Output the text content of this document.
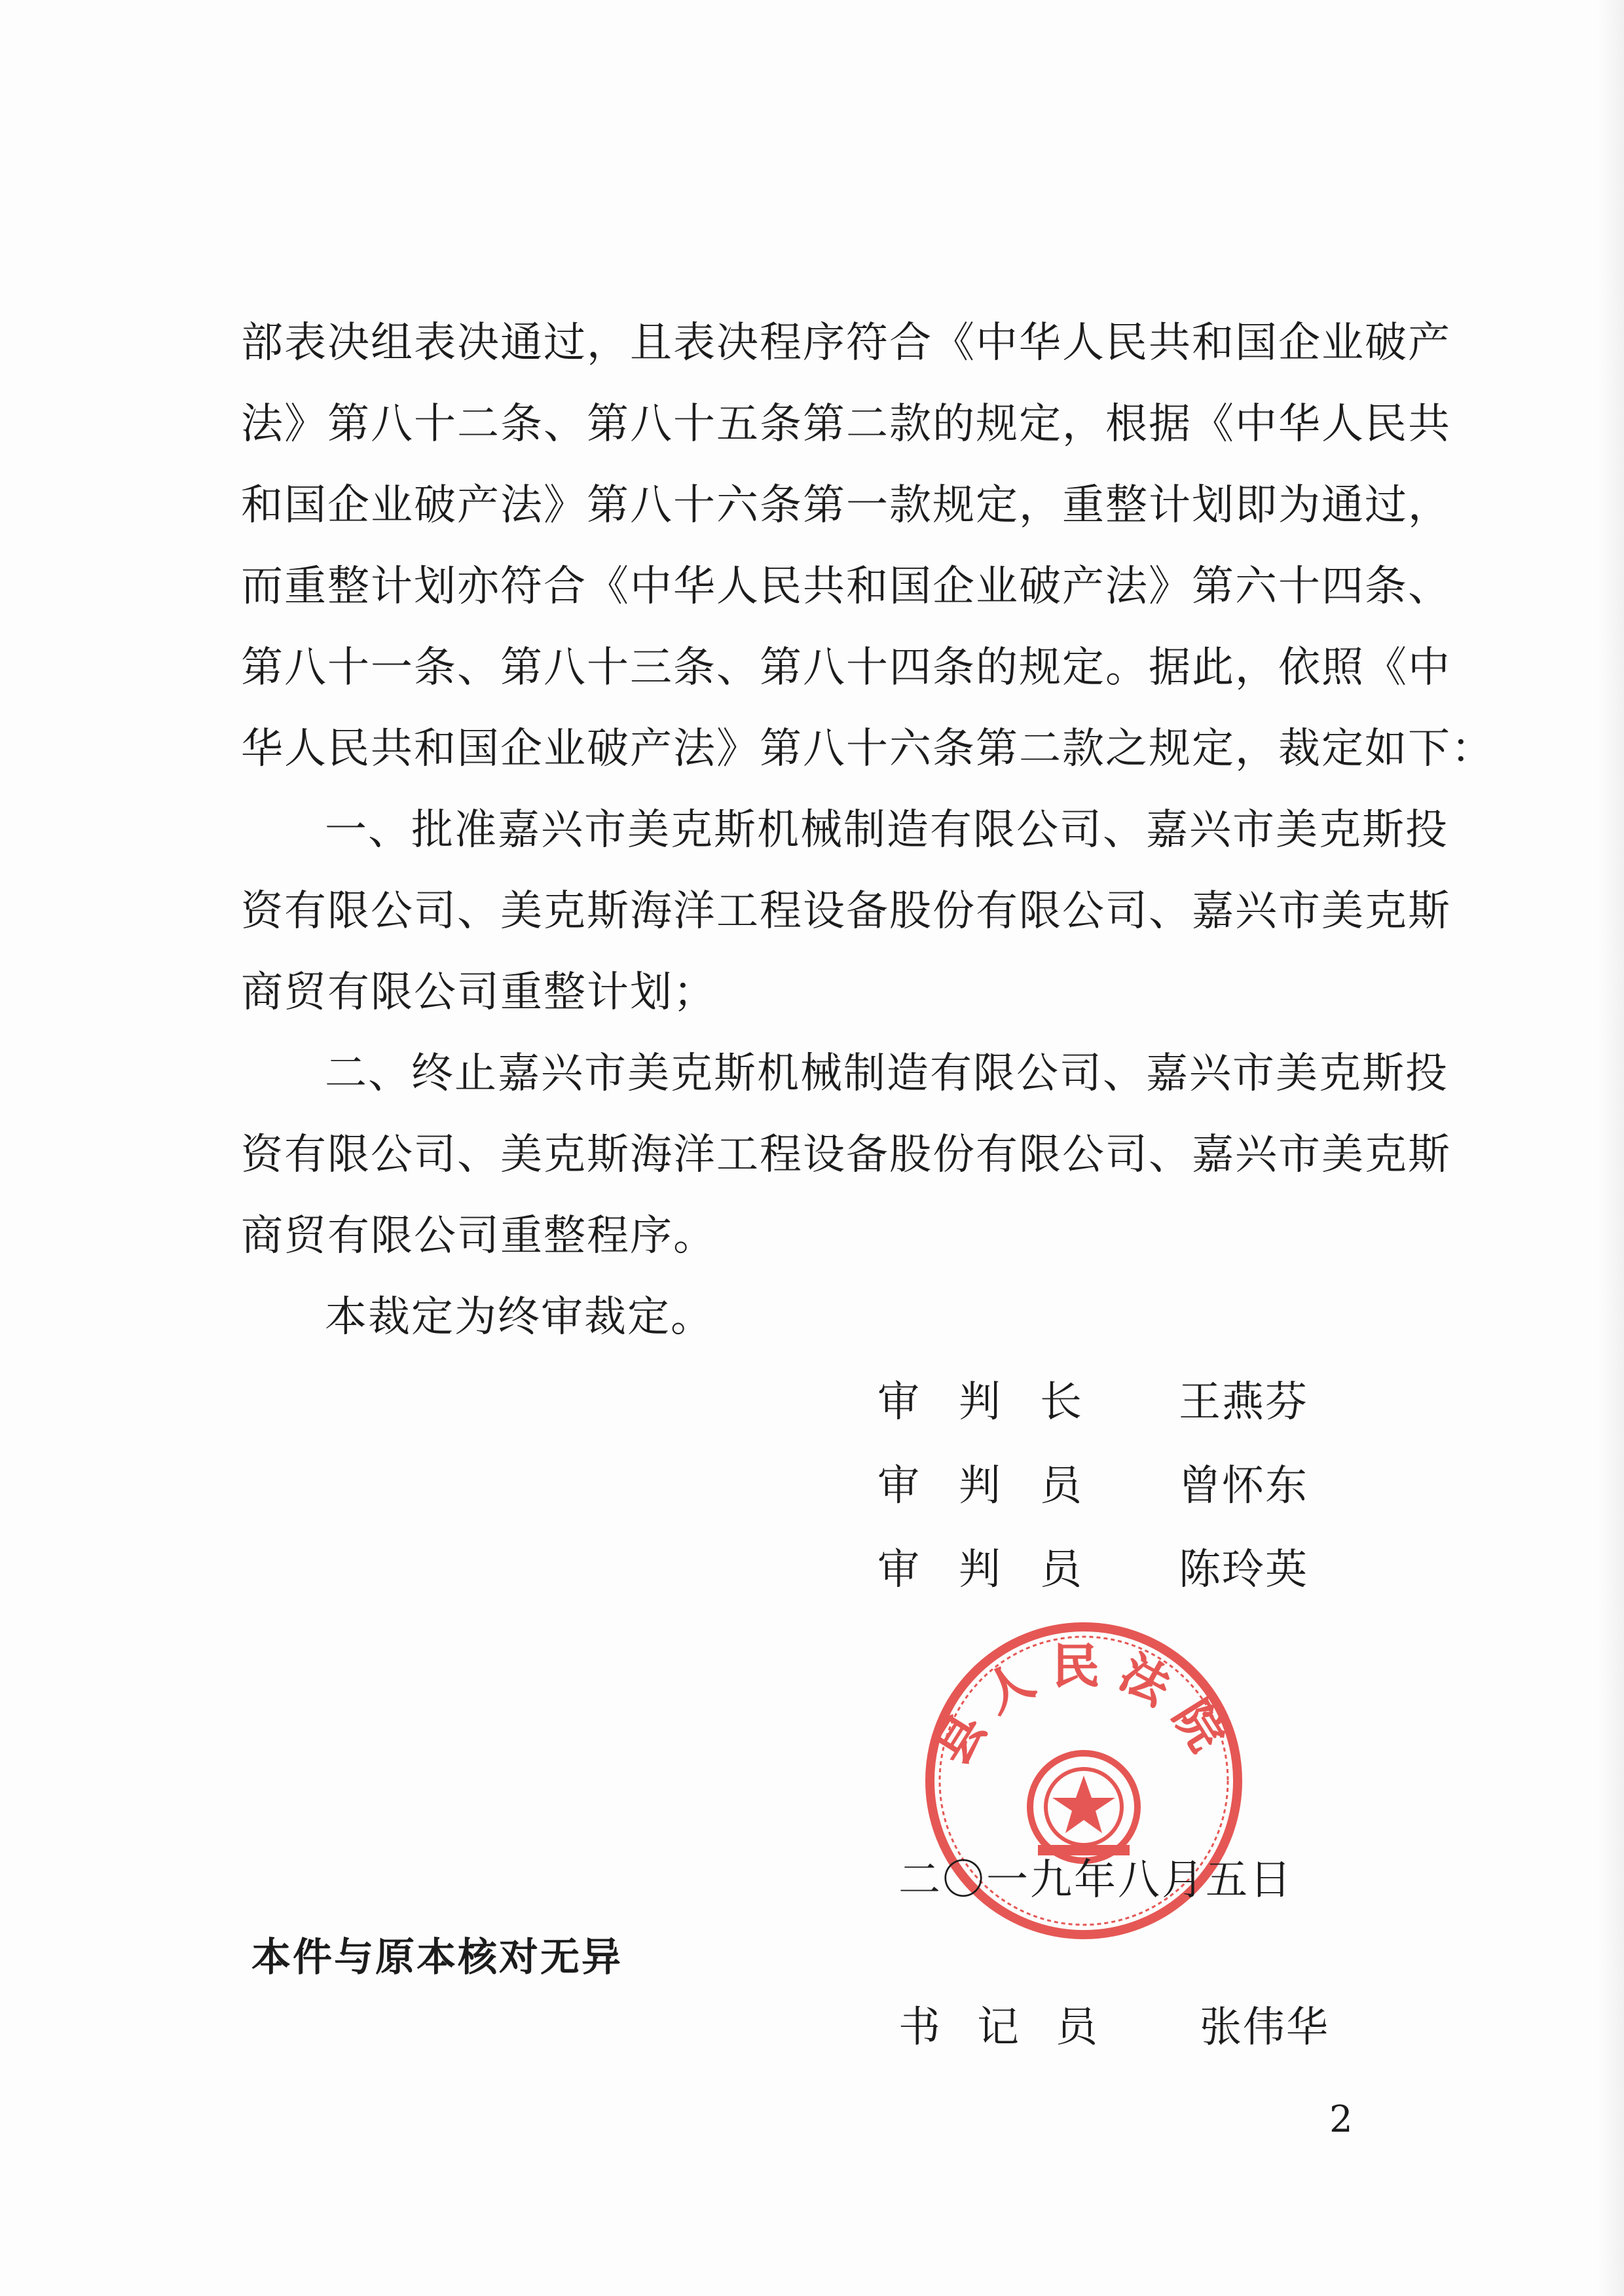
部表决组表决通过，且表决程序符合《中华人民共和国企业破产
法》第八十二条、第八十五条第二款的规定，根据《中华人民共
和国企业破产法》第八十六条第一款规定，重整计划即为通过，
而重整计划亦符合《中华人民共和国企业破产法》第六十四条、
第八十一条、第八十三条、第八十四条的规定。据此，依照《中
华人民共和国企业破产法》第八十六条第二款之规定，裁定如下：
一、批准嘉兴市美克斯机械制造有限公司、嘉兴市美克斯投
资有限公司、美克斯海洋工程设备股份有限公司、嘉兴市美克斯
商贸有限公司重整计划；
二、终止嘉兴市美克斯机械制造有限公司、嘉兴市美克斯投
资有限公司、美克斯海洋工程设备股份有限公司、嘉兴市美克斯
商贸有限公司重整程序。
本裁定为终审裁定。
审判长 王燕芬
审判员 曾怀东
审判员 陈玲英
县人民法院
二〇一九年八月五日
本件与原本核对无异
书记员 张伟华
2
